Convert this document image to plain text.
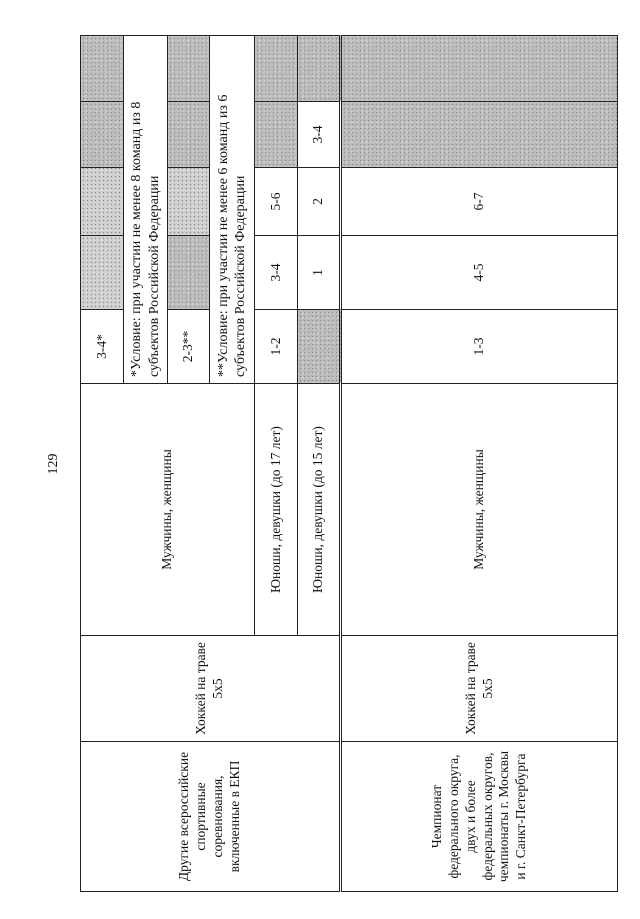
129
Другие всероссийские спортивные соревнования, включенные в ЕКП	Хоккей на траве 5x5	Мужчины, женщины	3-4*				
			*Условие: при участии не менее 8 команд из 8 субъектов Российской Федерации				
			2-3**				
			**Условие: при участии не менее 6 команд из 6 субъектов Российской Федерации				
		Юноши, девушки (до 17 лет)	1-2	3-4	5-6		
		Юноши, девушки (до 15 лет)		1	2	3-4	
Чемпионат федерального округа, двух и более федеральных округов, чемпионаты г. Москвы и г. Санкт-Петербурга	Хоккей на траве 5x5	Мужчины, женщины	1-3	4-5	6-7		
